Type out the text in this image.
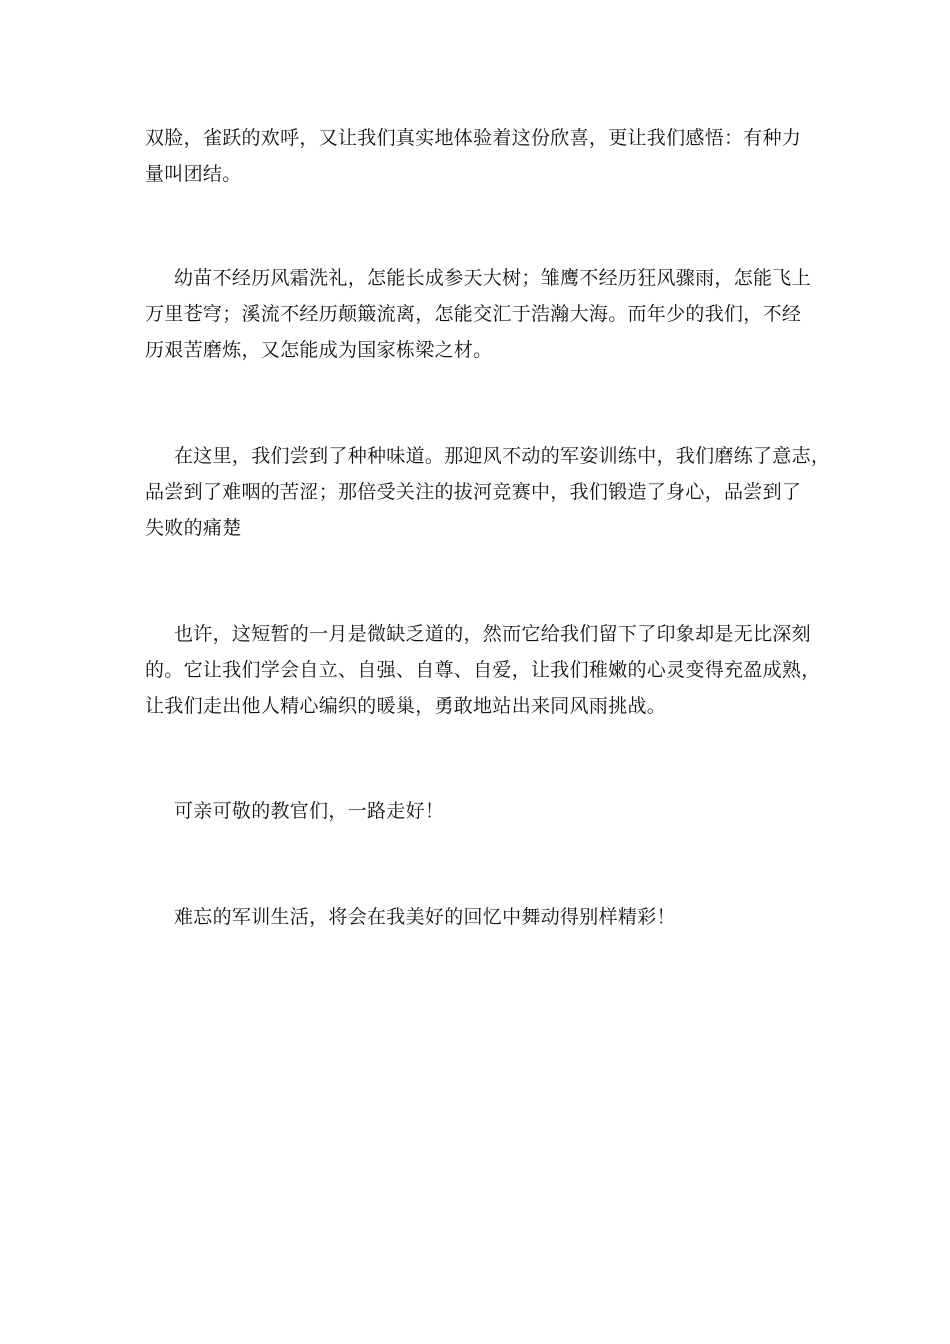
双脸，雀跃的欢呼，又让我们真实地体验着这份欣喜，更让我们感悟：有种力
量叫团结。

幼苗不经历风霜洗礼，怎能长成参天大树；雏鹰不经历狂风骤雨，怎能飞上
万里苍穹；溪流不经历颠簸流离，怎能交汇于浩瀚大海。而年少的我们，不经
历艰苦磨炼，又怎能成为国家栋梁之材。

在这里，我们尝到了种种味道。那迎风不动的军姿训练中，我们磨练了意志，
品尝到了难咽的苦涩；那倍受关注的拔河竞赛中，我们锻造了身心，品尝到了
失败的痛楚

也许，这短暂的一月是微缺乏道的，然而它给我们留下了印象却是无比深刻
的。它让我们学会自立、自强、自尊、自爱，让我们稚嫩的心灵变得充盈成熟，
让我们走出他人精心编织的暖巢，勇敢地站出来同风雨挑战。

可亲可敬的教官们，一路走好！

难忘的军训生活，将会在我美好的回忆中舞动得别样精彩！
